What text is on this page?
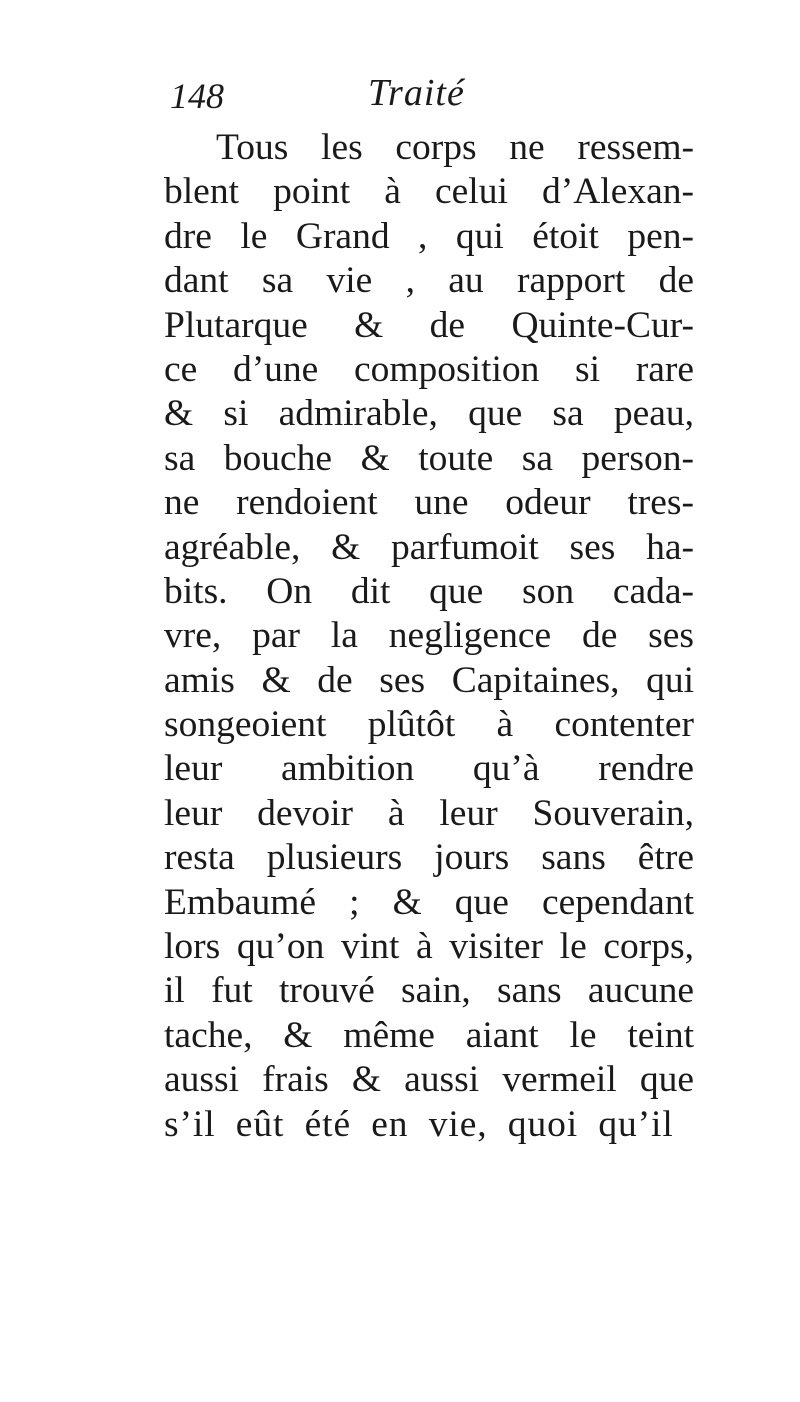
148	Traité
Tous les corps ne ressem-
blent point à celui d’Alexan-
dre le Grand , qui étoit pen-
dant sa vie , au rapport de
Plutarque & de Quinte-Cur-
ce d’une composition si rare
& si admirable, que sa peau,
sa bouche & toute sa person-
ne rendoient une odeur tres-
agréable, & parfumoit ses ha-
bits. On dit que son cada-
vre, par la negligence de ses
amis & de ses Capitaines, qui
songeoient plûtôt à contenter
leur ambition qu’à rendre
leur devoir à leur Souverain,
resta plusieurs jours sans être
Embaumé ; & que cependant
lors qu’on vint à visiter le corps,
il fut trouvé sain, sans aucune
tache, & même aiant le teint
aussi frais & aussi vermeil que
s’il eût été en vie, quoi qu’il
